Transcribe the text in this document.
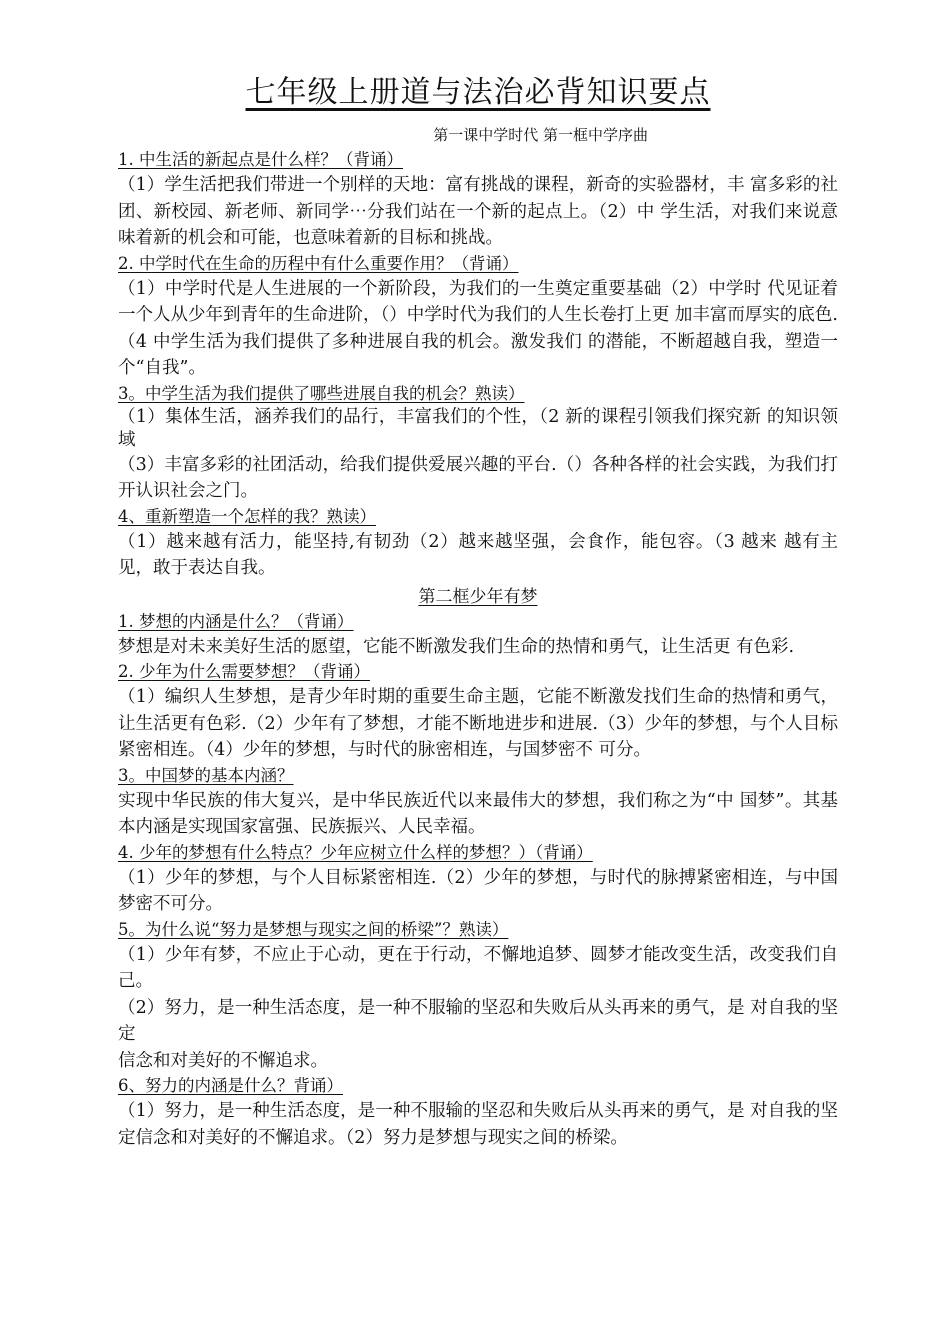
七年级上册道与法治必背知识要点
第一课中学时代 第一框中学序曲
1. 中生活的新起点是什么样？（背诵）
（1）学生活把我们带进一个别样的天地：富有挑战的课程，新奇的实验器材，丰 富多彩的社团、新校园、新老师、新同学⋯分我们站在一个新的起点上。（2）中 学生活，对我们来说意味着新的机会和可能，也意味着新的目标和挑战。
2. 中学时代在生命的历程中有什么重要作用？（背诵）
（1）中学时代是人生进展的一个新阶段，为我们的一生奠定重要基础（2）中学时 代见证着一个人从少年到青年的生命进阶，（）中学时代为我们的人生长卷打上更 加丰富而厚实的底色.（4 中学生活为我们提供了多种进展自我的机会。激发我们 的潜能，不断超越自我，塑造一个“自我”。
3。中学生活为我们提供了哪些进展自我的机会？熟读）
（1）集体生活，涵养我们的品行，丰富我们的个性，（2 新的课程引领我们探究新 的知识领域
（3）丰富多彩的社团活动，给我们提供爱展兴趣的平台.（）各种各样的社会实践，为我们打开认识社会之门。
4、重新塑造一个怎样的我？熟读）
（1）越来越有活力，能坚持,有韧劲（2）越来越坚强，会食作，能包容。（3 越来 越有主见，敢于表达自我。
第二框少年有梦
1. 梦想的内涵是什么？（背诵）
梦想是对未来美好生活的愿望，它能不断激发我们生命的热情和勇气，让生活更 有色彩.
2. 少年为什么需要梦想？（背诵）
（1）编织人生梦想，是青少年时期的重要生命主题，它能不断激发找们生命的热情和勇气，让生活更有色彩.（2）少年有了梦想，才能不断地进步和进展.（3）少年的梦想，与个人目标紧密相连。（4）少年的梦想，与时代的脉密相连，与国梦密不 可分。
3。中国梦的基本内涵？
实现中华民族的伟大复兴，是中华民族近代以来最伟大的梦想，我们称之为“中 国梦”。其基本内涵是实现国家富强、民族振兴、人民幸福。
4. 少年的梦想有什么特点？少年应树立什么样的梦想？）（背诵）
（1）少年的梦想，与个人目标紧密相连.（2）少年的梦想，与时代的脉搏紧密相连，与中国梦密不可分。
5。为什么说“努力是梦想与现实之间的桥梁”？熟读）
（1）少年有梦，不应止于心动，更在于行动，不懈地追梦、圆梦才能改变生活，改变我们自己。
（2）努力，是一种生活态度，是一种不服输的坚忍和失败后从头再来的勇气，是 对自我的坚定
信念和对美好的不懈追求。
6、努力的内涵是什么？背诵）
（1）努力，是一种生活态度，是一种不服输的坚忍和失败后从头再来的勇气，是 对自我的坚定信念和对美好的不懈追求。（2）努力是梦想与现实之间的桥梁。
